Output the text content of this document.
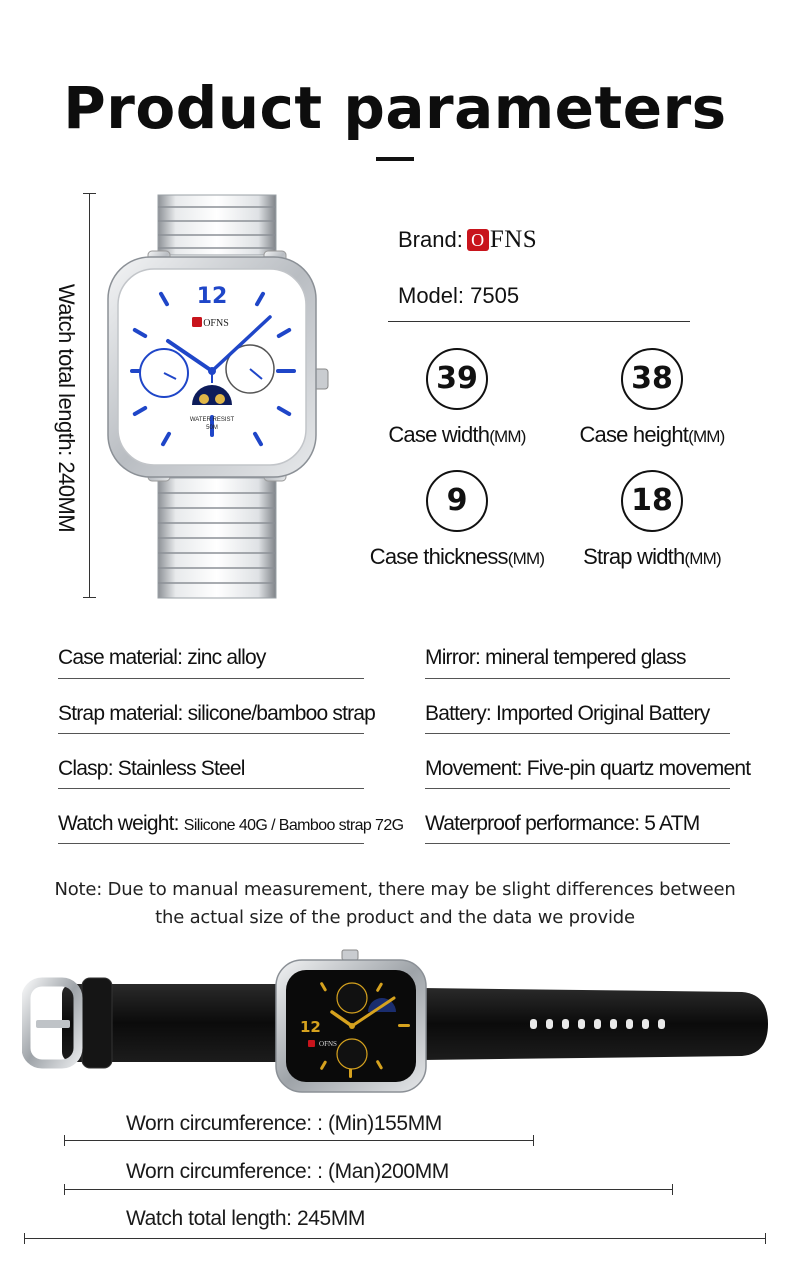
Product parameters
Watch total length: 240MM	12
OFNS
WATER RESIST
50M
Brand: O FNS
Model: 7505
39
Case width(MM)
38
Case height(MM)
9
Case thickness(MM)
18
Strap width(MM)
Case material: zinc alloy
Strap material: silicone/bamboo strap
Clasp: Stainless Steel
Watch weight: Silicone 40G / Bamboo strap 72G
Mirror: mineral tempered glass
Battery: Imported Original Battery
Movement: Five-pin quartz movement
Waterproof performance: 5 ATM
Note: Due to manual measurement, there may be slight differences between
the actual size of the product and the data we provide
12
OFNS
Worn circumference: : (Min)155MM
Worn circumference: : (Man)200MM
Watch total length: 245MM
